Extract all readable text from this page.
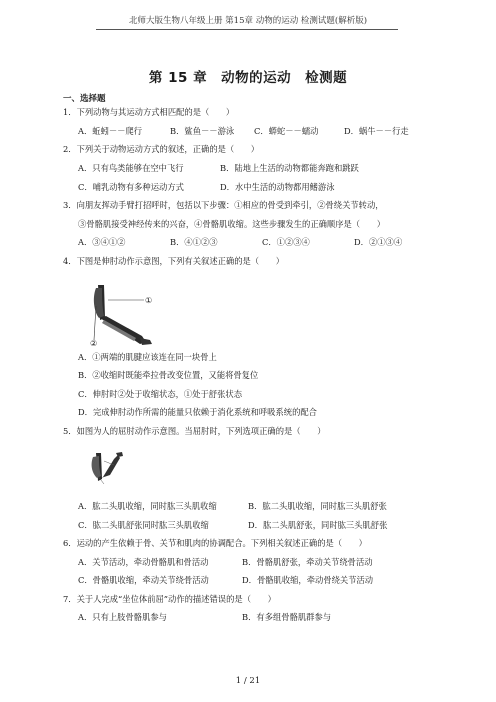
北师大版生物八年级上册 第15章 动物的运动 检测试题(解析版)
第 15 章　动物的运动　检测题
一、选择题
1．下列动物与其运动方式相匹配的是（　　）
A．蚯蚓－－爬行	B．鲨鱼－－游泳 C．蟒蛇－－蠕动	D．蜗牛－－行走
2．下列关于动物运动方式的叙述，正确的是（　　）
A．只有鸟类能够在空中飞行	B．陆地上生活的动物都能奔跑和跳跃
C．哺乳动物有多种运动方式	D．水中生活的动物都用鳍游泳
3．向朋友挥动手臂打招呼时，包括以下步骤：①相应的骨受到牵引，②骨绕关节转动，
③骨骼肌接受神经传来的兴奋，④骨骼肌收缩。这些步骤发生的正确顺序是（　　）
A．③④①②	B．④①②③	C．①②③④	D．②①③④
4．下图是伸肘动作示意图，下列有关叙述正确的是（　　）
①
②
A．①两端的肌腱应该连在同一块骨上
B．②收缩时既能牵拉骨改变位置，又能将骨复位
C．伸肘时②处于收缩状态，①处于舒张状态
D．完成伸肘动作所需的能量只依赖于消化系统和呼吸系统的配合
5．如图为人的屈肘动作示意图。当屈肘时，下列选项正确的是（　　）
A．肱二头肌收缩，同时肱三头肌收缩	B．肱二头肌收缩，同时肱三头肌舒张
C．肱二头肌舒张同时肱三头肌收缩	D．肱二头肌舒张，同时肱三头肌舒张
6．运动的产生依赖于骨、关节和肌肉的协调配合。下列相关叙述正确的是（　　）
A．关节活动，牵动骨骼肌和骨活动	B．骨骼肌舒张，牵动关节绕骨活动
C．骨骼肌收缩，牵动关节绕骨活动	D．骨骼肌收缩，牵动骨绕关节活动
7．关于人完成“坐位体前屈”动作的描述错误的是（　　）
A．只有上肢骨骼肌参与	B．有多组骨骼肌群参与
1 / 21
